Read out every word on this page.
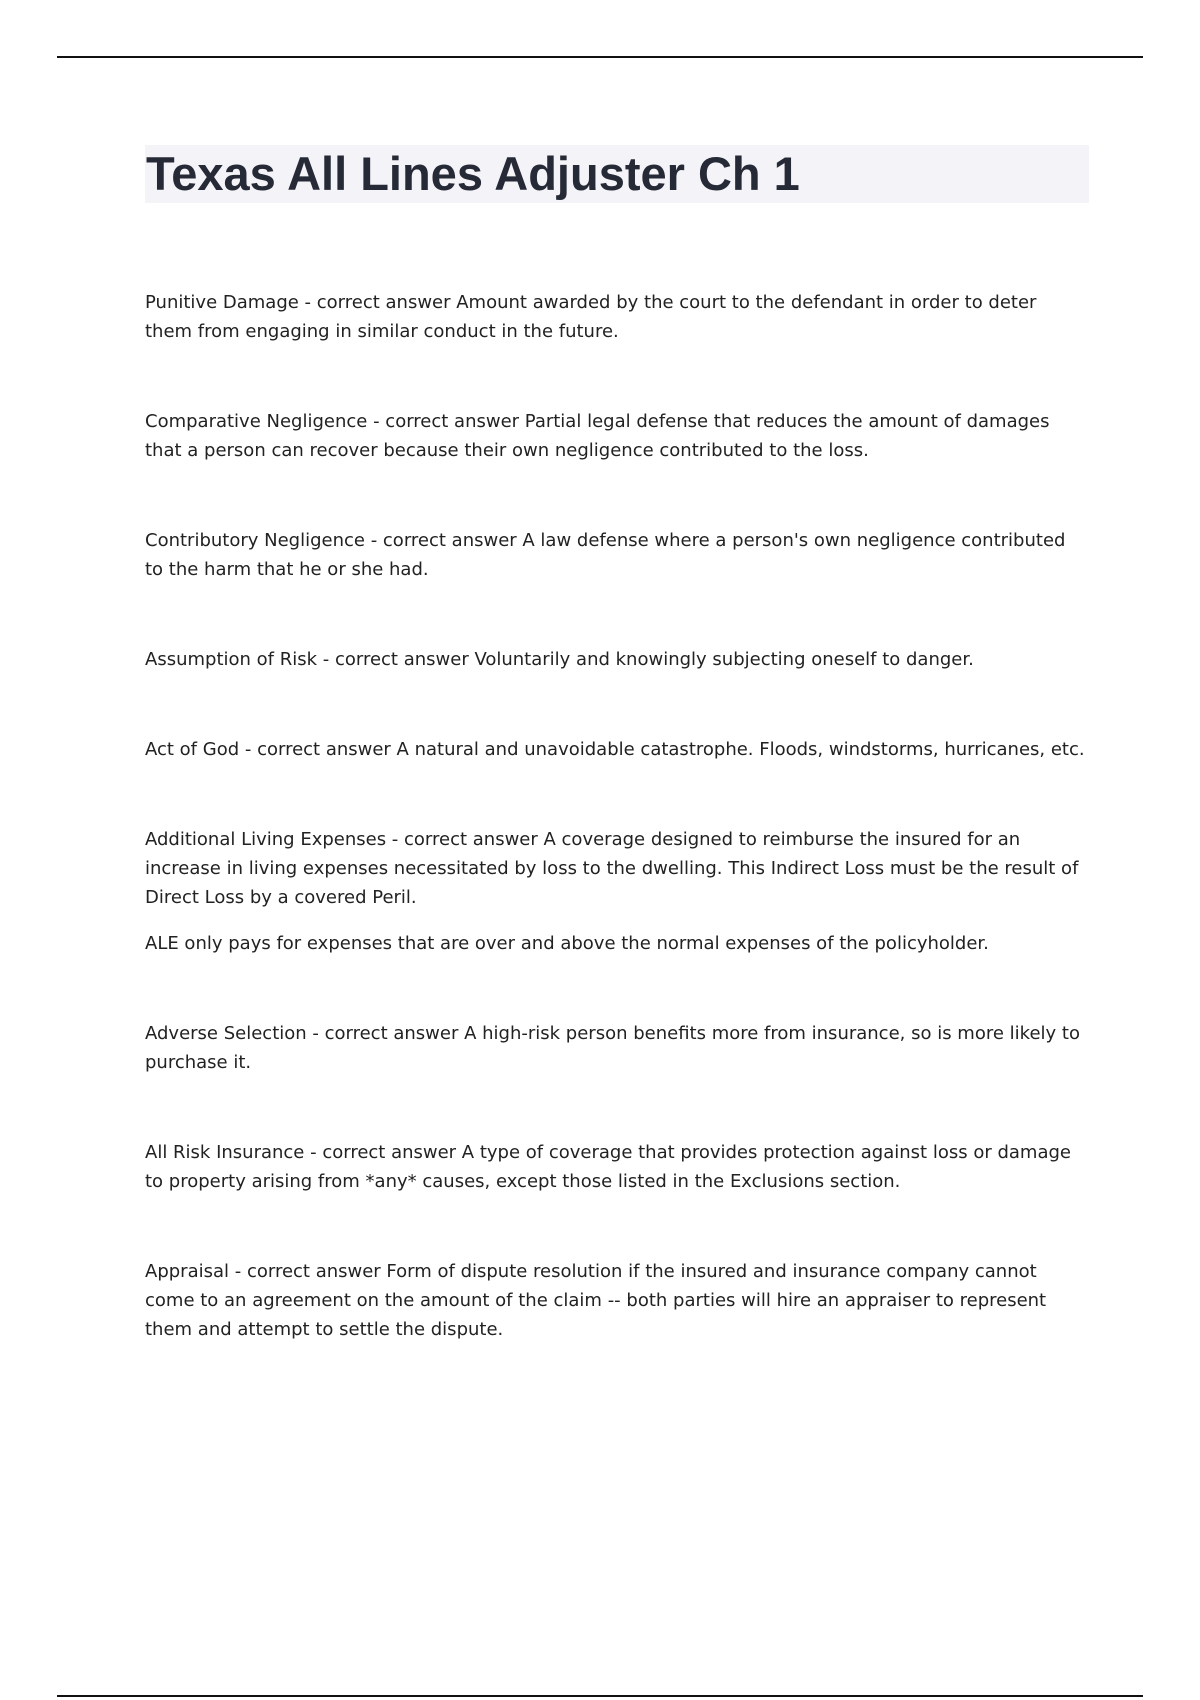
Texas All Lines Adjuster Ch 1

Punitive Damage - correct answer Amount awarded by the court to the defendant in order to deter them from engaging in similar conduct in the future.

Comparative Negligence - correct answer Partial legal defense that reduces the amount of damages that a person can recover because their own negligence contributed to the loss.

Contributory Negligence - correct answer A law defense where a person's own negligence contributed to the harm that he or she had.

Assumption of Risk - correct answer Voluntarily and knowingly subjecting oneself to danger.

Act of God - correct answer A natural and unavoidable catastrophe. Floods, windstorms, hurricanes, etc.

Additional Living Expenses - correct answer A coverage designed to reimburse the insured for an increase in living expenses necessitated by loss to the dwelling. This Indirect Loss must be the result of Direct Loss by a covered Peril.

ALE only pays for expenses that are over and above the normal expenses of the policyholder.

Adverse Selection - correct answer A high-risk person benefits more from insurance, so is more likely to purchase it.

All Risk Insurance - correct answer A type of coverage that provides protection against loss or damage to property arising from *any* causes, except those listed in the Exclusions section.

Appraisal - correct answer Form of dispute resolution if the insured and insurance company cannot come to an agreement on the amount of the claim -- both parties will hire an appraiser to represent them and attempt to settle the dispute.
